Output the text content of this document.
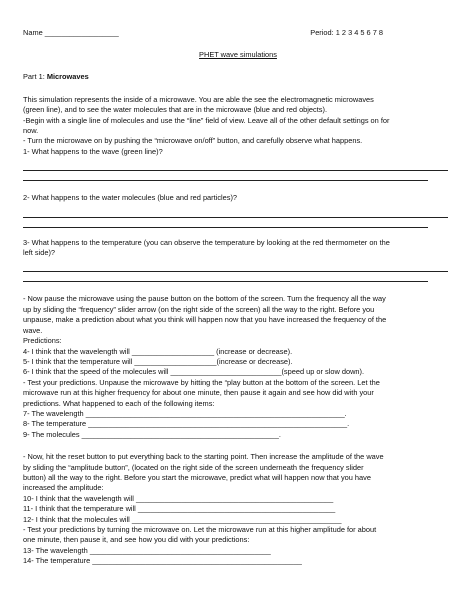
Name __________________	Period: 1 2 3 4 5 6 7 8
PHET wave simulations
Part 1: Microwaves
This simulation represents the inside of a microwave. You are able the see the electromagnetic microwaves
(green line), and to see the water molecules that are in the microwave (blue and red objects).
-Begin with a single line of molecules and use the “line” field of view. Leave all of the other default settings on for
now.
- Turn the microwave on by pushing the “microwave on/off” button, and carefully observe what happens.
1- What happens to the wave (green line)?
2- What happens to the water molecules (blue and red particles)?
3- What happens to the temperature (you can observe the temperature by looking at the red thermometer on the
left side)?
- Now pause the microwave using the pause button on the bottom of the screen. Turn the frequency all the way
up by sliding the “frequency” slider arrow (on the right side of the screen) all the way to the right. Before you
unpause, make a prediction about what you think will happen now that you have increased the frequency of the
wave.
Predictions:
4- I think that the wavelength will ____________________ (increase or decrease).
5- I think that the temperature will ____________________(increase or decrease).
6- I think that the speed of the molecules will ___________________________(speed up or slow down).
- Test your predictions. Unpause the microwave by hitting the “play button at the bottom of the screen. Let the
microwave run at this higher frequency for about one minute, then pause it again and see how did with your
predictions. What happened to each of the following items:
7- The wavelength _______________________________________________________________.
8- The temperature _______________________________________________________________.
9- The molecules ________________________________________________.
- Now, hit the reset button to put everything back to the starting point. Then increase the amplitude of the wave
by sliding the “amplitude button”, (located on the right side of the screen underneath the frequency slider
button) all the way to the right. Before you start the microwave, predict what will happen now that you have
increased the amplitude:
10- I think that the wavelength will ________________________________________________
11- I think that the temperature will ________________________________________________
12- I think that the molecules will ___________________________________________________
- Test your predictions by turning the microwave on. Let the microwave run at this higher amplitude for about
one minute, then pause it, and see how you did with your predictions:
13- The wavelength ____________________________________________
14- The temperature ___________________________________________________
